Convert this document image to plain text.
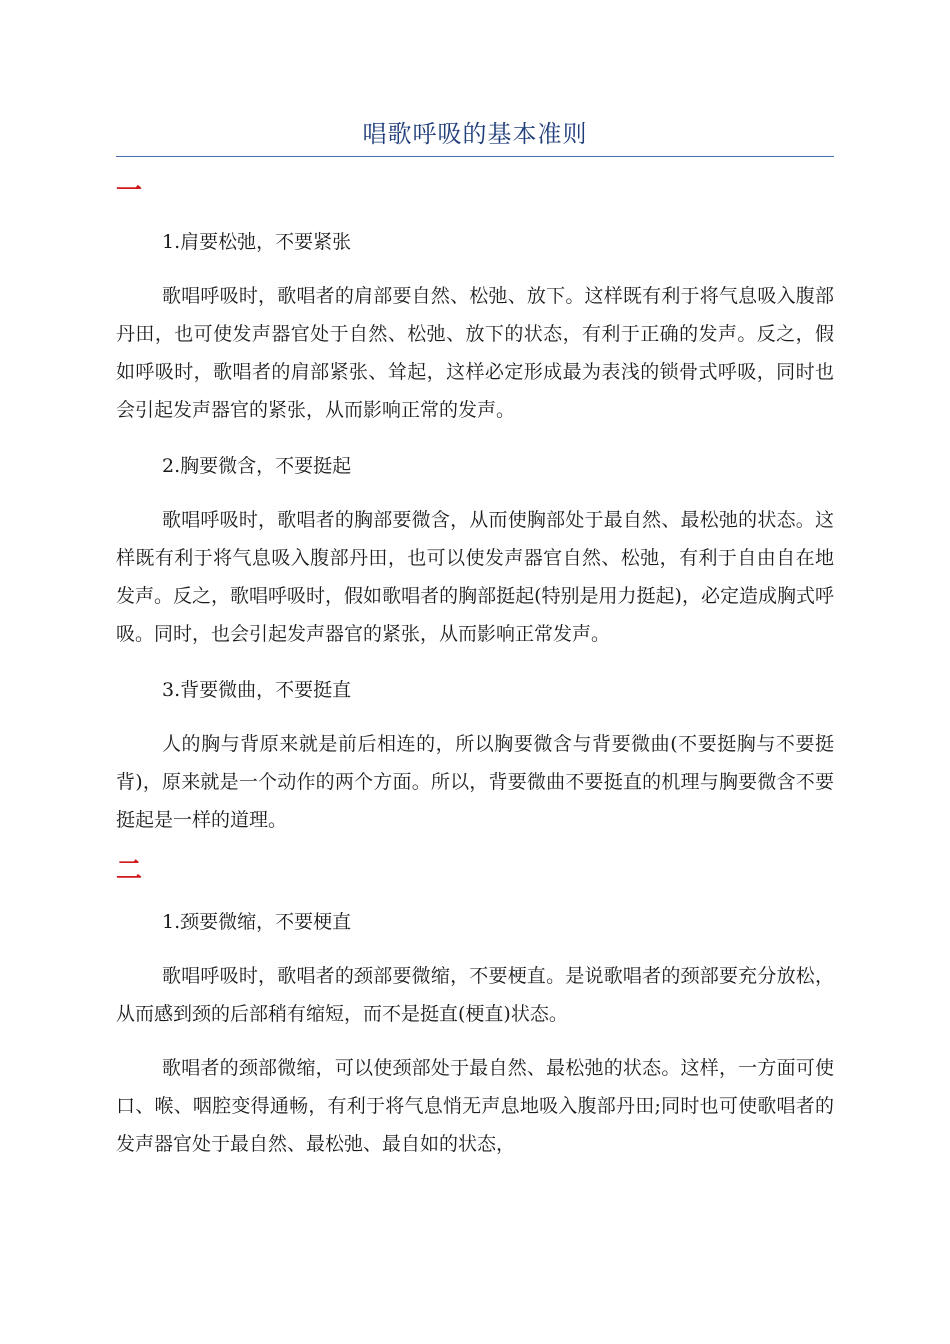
唱歌呼吸的基本准则
一

1.肩要松弛，不要紧张

歌唱呼吸时，歌唱者的肩部要自然、松弛、放下。这样既有利于将气息吸入腹部丹田，也可使发声器官处于自然、松弛、放下的状态，有利于正确的发声。反之，假如呼吸时，歌唱者的肩部紧张、耸起，这样必定形成最为表浅的锁骨式呼吸，同时也会引起发声器官的紧张，从而影响正常的发声。

2.胸要微含，不要挺起

歌唱呼吸时，歌唱者的胸部要微含，从而使胸部处于最自然、最松弛的状态。这样既有利于将气息吸入腹部丹田，也可以使发声器官自然、松弛，有利于自由自在地发声。反之，歌唱呼吸时，假如歌唱者的胸部挺起(特别是用力挺起)，必定造成胸式呼吸。同时，也会引起发声器官的紧张，从而影响正常发声。

3.背要微曲，不要挺直

人的胸与背原来就是前后相连的，所以胸要微含与背要微曲(不要挺胸与不要挺背)，原来就是一个动作的两个方面。所以，背要微曲不要挺直的机理与胸要微含不要挺起是一样的道理。

二

1.颈要微缩，不要梗直

歌唱呼吸时，歌唱者的颈部要微缩，不要梗直。是说歌唱者的颈部要充分放松，从而感到颈的后部稍有缩短，而不是挺直(梗直)状态。

歌唱者的颈部微缩，可以使颈部处于最自然、最松弛的状态。这样，一方面可使口、喉、咽腔变得通畅，有利于将气息悄无声息地吸入腹部丹田;同时也可使歌唱者的发声器官处于最自然、最松弛、最自如的状态，
